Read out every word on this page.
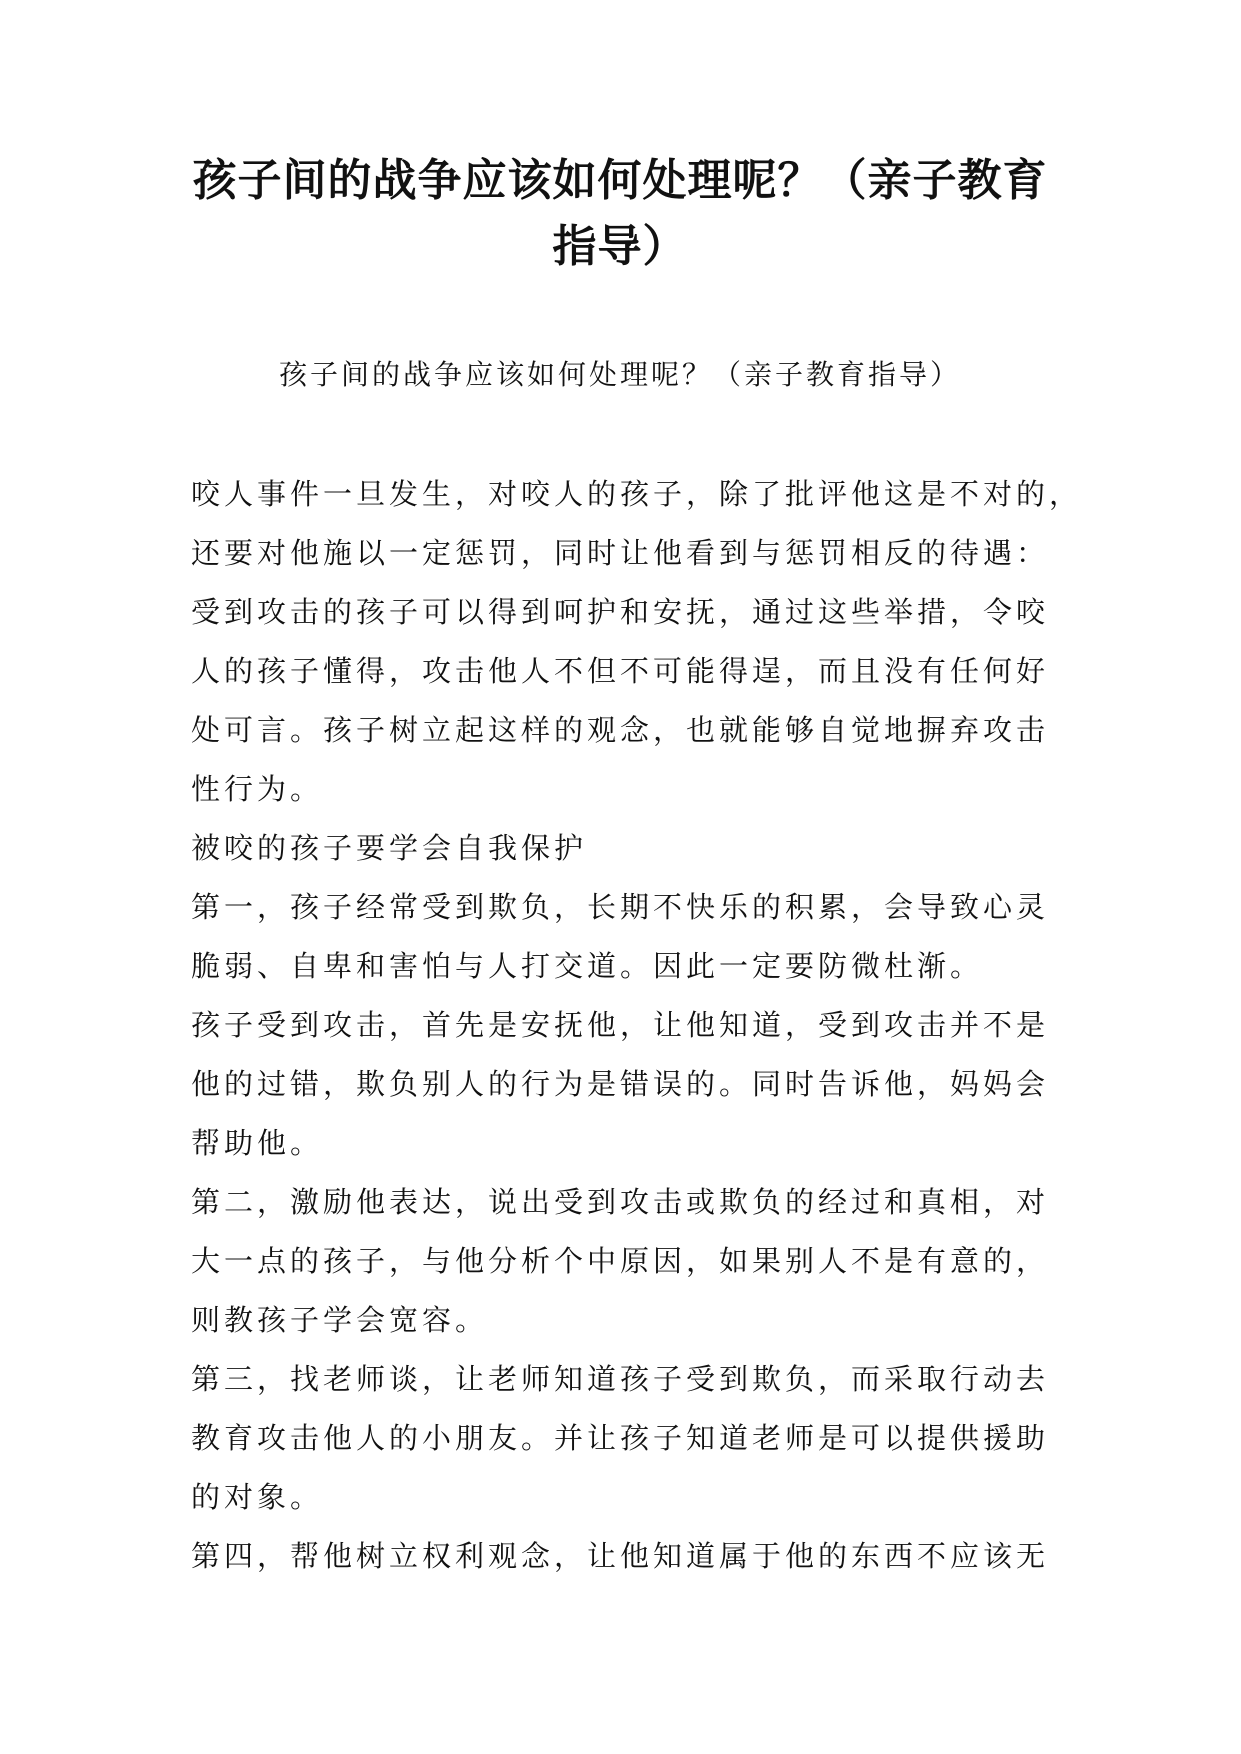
孩子间的战争应该如何处理呢？（亲子教育指导）

孩子间的战争应该如何处理呢？（亲子教育指导）

咬人事件一旦发生，对咬人的孩子，除了批评他这是不对的，
还要对他施以一定惩罚，同时让他看到与惩罚相反的待遇：
受到攻击的孩子可以得到呵护和安抚，通过这些举措，令咬
人的孩子懂得，攻击他人不但不可能得逞，而且没有任何好
处可言。孩子树立起这样的观念，也就能够自觉地摒弃攻击
性行为。
被咬的孩子要学会自我保护
第一，孩子经常受到欺负，长期不快乐的积累，会导致心灵
脆弱、自卑和害怕与人打交道。因此一定要防微杜渐。
孩子受到攻击，首先是安抚他，让他知道，受到攻击并不是
他的过错，欺负别人的行为是错误的。同时告诉他，妈妈会
帮助他。
第二，激励他表达，说出受到攻击或欺负的经过和真相，对
大一点的孩子，与他分析个中原因，如果别人不是有意的，
则教孩子学会宽容。
第三，找老师谈，让老师知道孩子受到欺负，而采取行动去
教育攻击他人的小朋友。并让孩子知道老师是可以提供援助
的对象。
第四，帮他树立权利观念，让他知道属于他的东西不应该无
